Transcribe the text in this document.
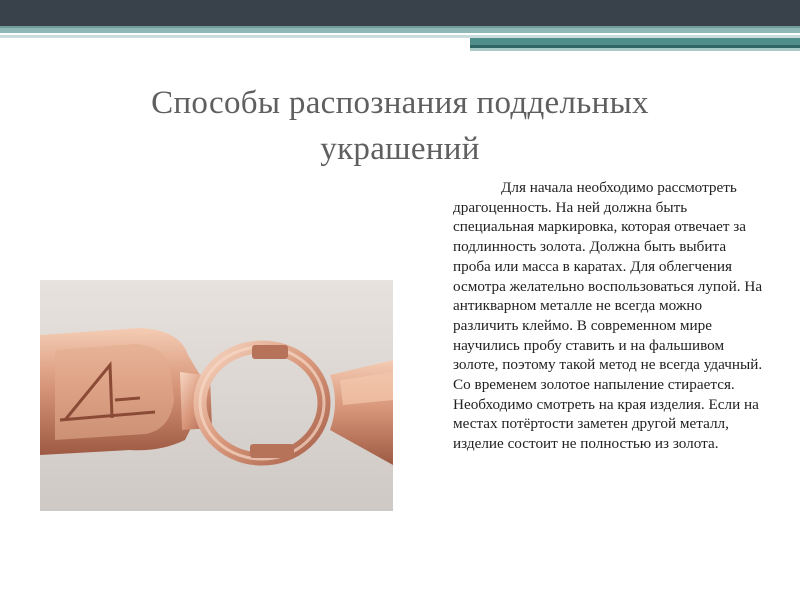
Способы распознания поддельных украшений

Для начала необходимо рассмотреть драгоценность. На ней должна быть специальная маркировка, которая отвечает за подлинность золота. Должна быть выбита проба или масса в каратах. Для облегчения осмотра желательно воспользоваться лупой. На антикварном металле не всегда можно различить клеймо. В современном мире научились пробу ставить и на фальшивом золоте, поэтому такой метод не всегда удачный. Со временем золотое напыление стирается. Необходимо смотреть на края изделия. Если на местах потёртости заметен другой металл, изделие состоит не полностью из золота.
